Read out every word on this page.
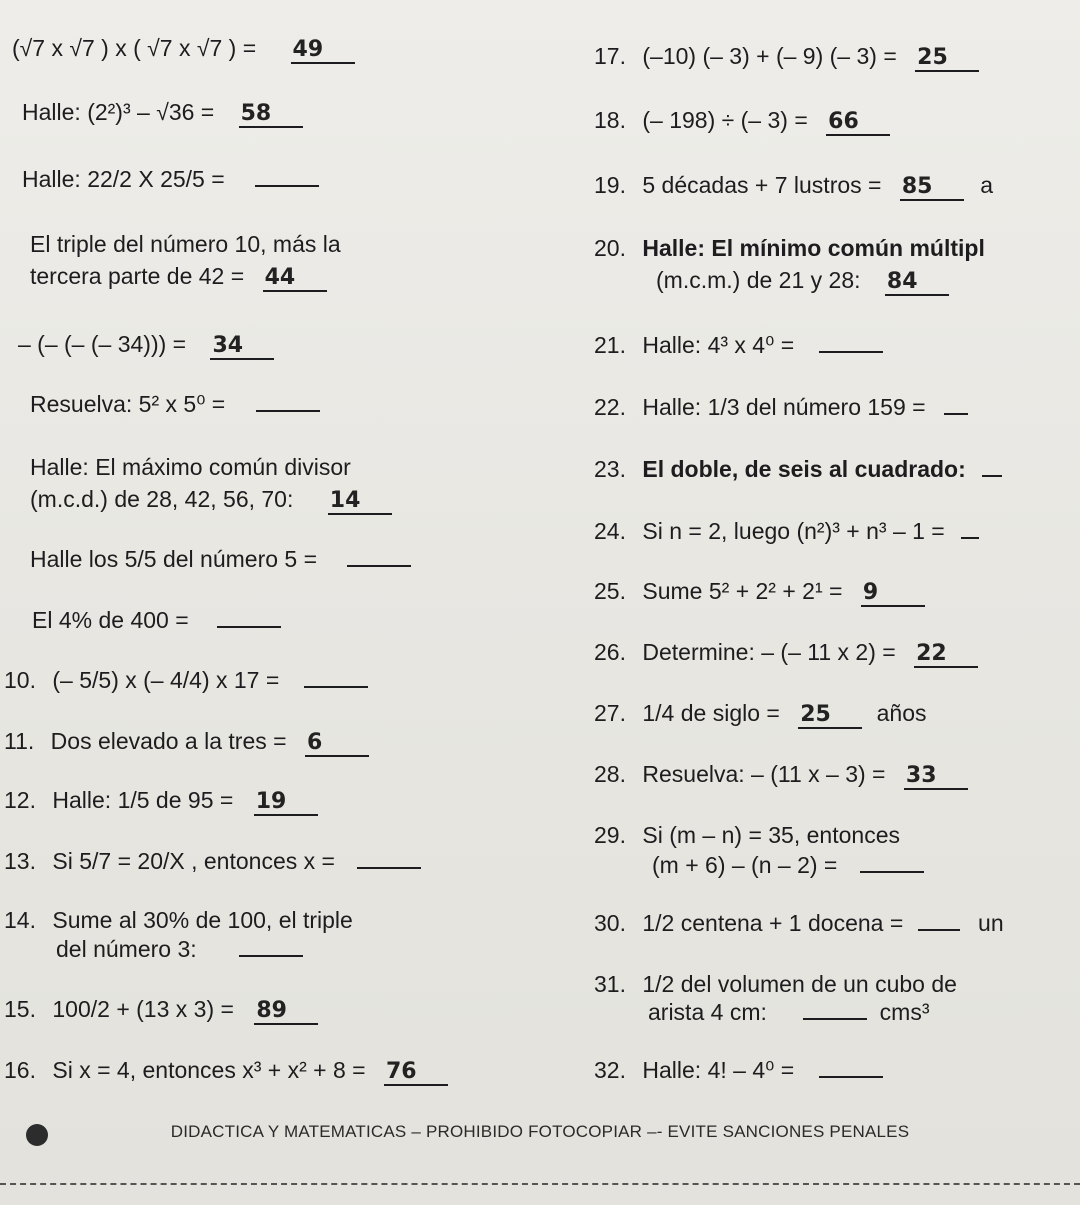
(√7 x √7 ) x ( √7 x √7 ) = 49
Halle: (2²)³ – √36 = 58
Halle: 22/2 X 25/5 =
El triple del número 10, más la
tercera parte de 42 = 44
– (– (– (– 34))) = 34
Resuelva: 5² x 5⁰ =
Halle: El máximo común divisor
(m.c.d.) de 28, 42, 56, 70: 14
Halle los 5/5 del número 5 =
El 4% de 400 =
10. (– 5/5) x (– 4/4) x 17 =
11. Dos elevado a la tres = 6
12. Halle: 1/5 de 95 = 19
13. Si 5/7 = 20/X , entonces x =
14. Sume al 30% de 100, el triple
del número 3:
15. 100/2 + (13 x 3) = 89
16. Si x = 4, entonces x³ + x² + 8 = 76
17. (–10) (– 3) + (– 9) (– 3) = 25
18. (– 198) ÷ (– 3) = 66
19. 5 décadas + 7 lustros = 85 a
20. Halle: El mínimo común múltipl
(m.c.m.) de 21 y 28: 84
21. Halle: 4³ x 4⁰ =
22. Halle: 1/3 del número 159 =
23. El doble, de seis al cuadrado:
24. Si n = 2, luego (n²)³ + n³ – 1 =
25. Sume 5² + 2² + 2¹ = 9
26. Determine: – (– 11 x 2) = 22
27. 1/4 de siglo = 25 años
28. Resuelva: – (11 x – 3) = 33
29. Si (m – n) = 35, entonces
(m + 6) – (n – 2) =
30. 1/2 centena + 1 docena =	un
31. 1/2 del volumen de un cubo de
arista 4 cm:	cms³
32. Halle: 4! – 4⁰ =
DIDACTICA Y MATEMATICAS – PROHIBIDO FOTOCOPIAR –- EVITE SANCIONES PENALES
